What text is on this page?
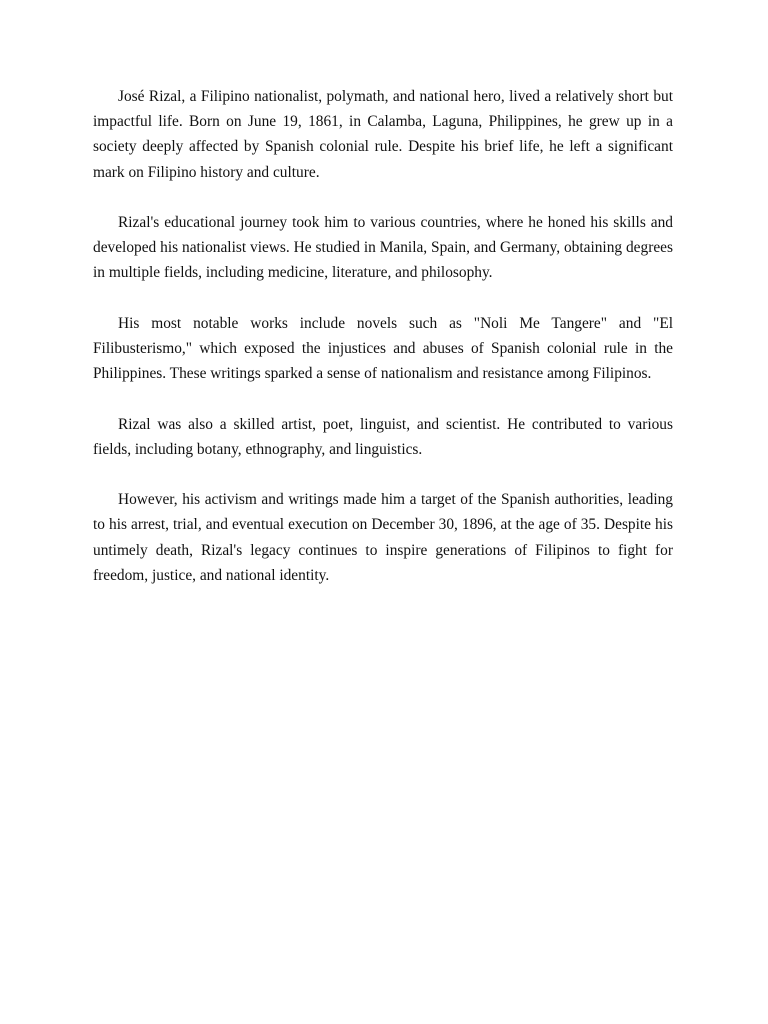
José Rizal, a Filipino nationalist, polymath, and national hero, lived a relatively short but impactful life. Born on June 19, 1861, in Calamba, Laguna, Philippines, he grew up in a society deeply affected by Spanish colonial rule. Despite his brief life, he left a significant mark on Filipino history and culture.

Rizal's educational journey took him to various countries, where he honed his skills and developed his nationalist views. He studied in Manila, Spain, and Germany, obtaining degrees in multiple fields, including medicine, literature, and philosophy.

His most notable works include novels such as "Noli Me Tangere" and "El Filibusterismo," which exposed the injustices and abuses of Spanish colonial rule in the Philippines. These writings sparked a sense of nationalism and resistance among Filipinos.

Rizal was also a skilled artist, poet, linguist, and scientist. He contributed to various fields, including botany, ethnography, and linguistics.

However, his activism and writings made him a target of the Spanish authorities, leading to his arrest, trial, and eventual execution on December 30, 1896, at the age of 35. Despite his untimely death, Rizal's legacy continues to inspire generations of Filipinos to fight for freedom, justice, and national identity.
